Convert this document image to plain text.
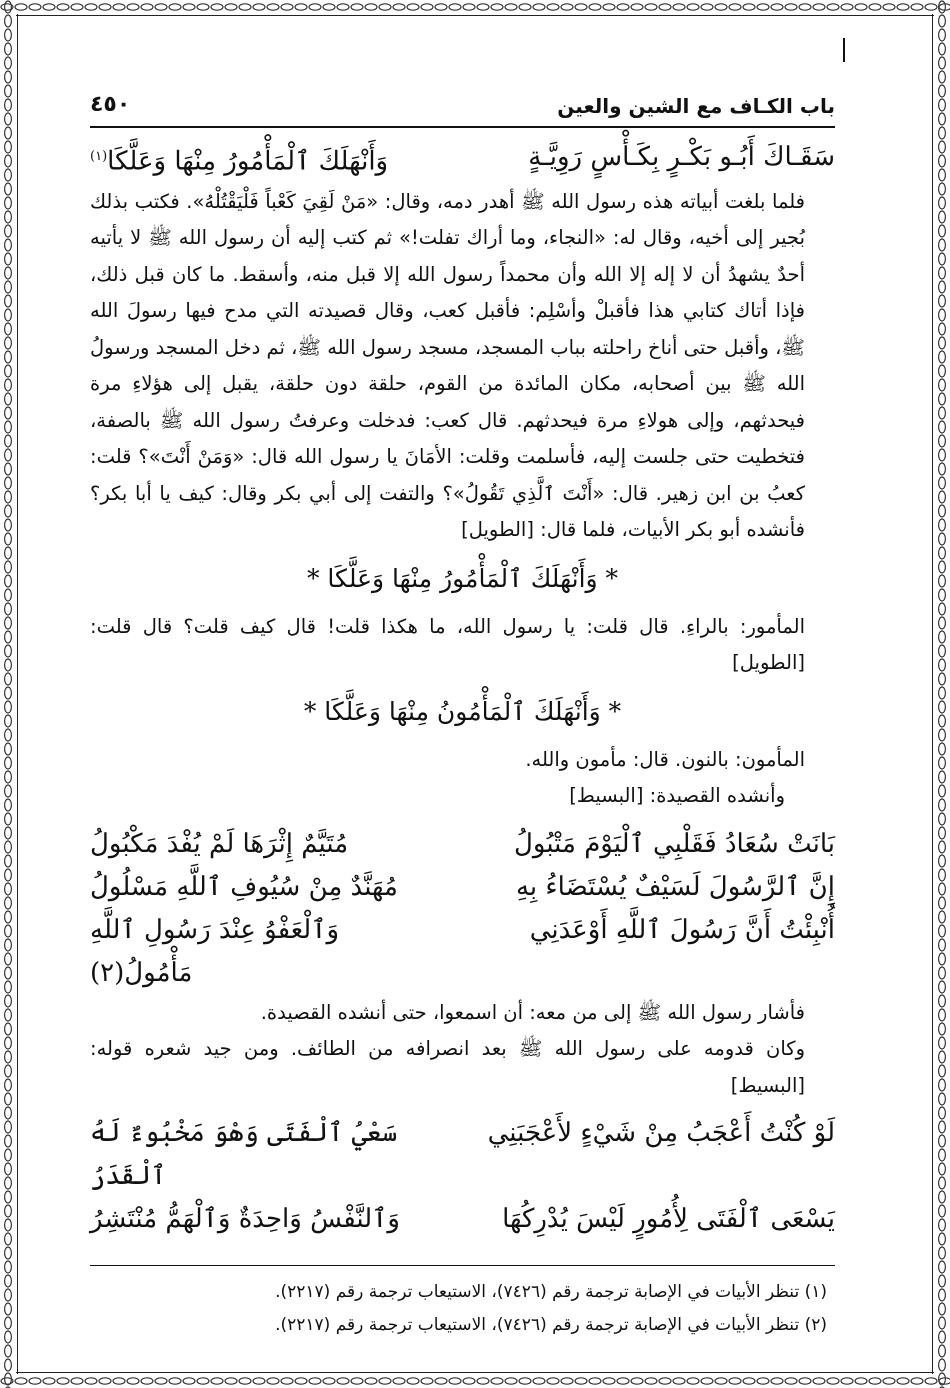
باب الكـاف مع الشين والعين
٤٥٠
سَقَـاكَ أَبُـو بَكْـرٍ بِكَـأْسٍ رَوِيَّـةٍ
وَأَنْهَلَكَ ٱلْمَأْمُورُ مِنْهَا وَعَلَّكَا$^{(١)}$

فلما بلغت أبياته هذه رسول الله ﷺ أهدر دمه، وقال: «مَنْ لَقِيَ كَعْباً فَلْيَقْتُلْهُ». فكتب بذلك بُجير إلى أخيه، وقال له: «النجاء، وما أراك تفلت!» ثم كتب إليه أن رسول الله ﷺ لا يأتيه أحدٌ يشهدُ أن لا إله إلا الله وأن محمداً رسول الله إلا قبل منه، وأسقط. ما كان قبل ذلك، فإذا أتاك كتابي هذا فأقبلْ وأسْلِم: فأقبل كعب، وقال قصيدته التي مدح فيها رسولَ الله ﷺ، وأقبل حتى أناخ راحلته بباب المسجد، مسجد رسول الله ﷺ، ثم دخل المسجد ورسولُ الله ﷺ بين أصحابه، مكان المائدة من القوم، حلقة دون حلقة، يقبل إلى هؤلاءِ مرة فيحدثهم، وإلى هولاءِ مرة فيحدثهم. قال كعب: فدخلت وعرفتُ رسول الله ﷺ بالصفة، فتخطيت حتى جلست إليه، فأسلمت وقلت: الأمَانَ يا رسول الله قال: «وَمَنْ أَنْتَ»؟ قلت: كعبُ بن ابن زهير. قال: «أَنْتَ ٱلَّذِي تَقُولُ»؟ والتفت إلى أبي بكر وقال: كيف يا أبا بكر؟ فأنشده أبو بكر الأبيات، فلما قال: [الطويل]

* وَأَنْهَلَكَ ٱلْمَأْمُورُ مِنْهَا وَعَلَّكَا *

المأمور: بالراءِ. قال قلت: يا رسول الله، ما هكذا قلت! قال كيف قلت؟ قال قلت: [الطويل]

* وَأَنْهَلَكَ ٱلْمَأْمُونُ مِنْهَا وَعَلَّكَا *

المأمون: بالنون. قال: مأمون والله.

وأنشده القصيدة: [البسيط]

بَانَتْ سُعَادُ فَقَلْبِي ٱلْيَوْمَ مَتْبُولُ
مُتَيَّمٌ إِثْرَهَا لَمْ يُفْدَ مَكْبُولُ
إِنَّ ٱلرَّسُولَ لَسَيْفٌ يُسْتَضَاءُ بِهِ
مُهَنَّدٌ مِنْ سُيُوفِ ٱللَّهِ مَسْلُولُ
أُنْبِئْتُ أَنَّ رَسُولَ ٱللَّهِ أَوْعَدَنِي
وَٱلْعَفْوُ عِنْدَ رَسُولِ ٱللَّهِ مَأْمُولُ(٢)

فأشار رسول الله ﷺ إلى من معه: أن اسمعوا، حتى أنشده القصيدة.

وكان قدومه على رسول الله ﷺ بعد انصرافه من الطائف. ومن جيد شعره قوله: [البسيط]

لَوْ كُنْتُ أَعْجَبُ مِنْ شَيْءٍ لأَعْجَبَنِي
سَعْيُ ٱلْفَتَى وَهْوَ مَخْبُوءٌ لَهُ ٱلْقَدَرُ
يَسْعَى ٱلْفَتَى لِأُمُورٍ لَيْسَ يُدْرِكُهَا
وَٱلنَّفْسُ وَاحِدَةٌ وَٱلْهَمُّ مُنْتَشِرُ
(١) تنظر الأبيات في الإصابة ترجمة رقم (٧٤٢٦)، الاستيعاب ترجمة رقم (٢٢١٧).
(٢) تنظر الأبيات في الإصابة ترجمة رقم (٧٤٢٦)، الاستيعاب ترجمة رقم (٢٢١٧).
